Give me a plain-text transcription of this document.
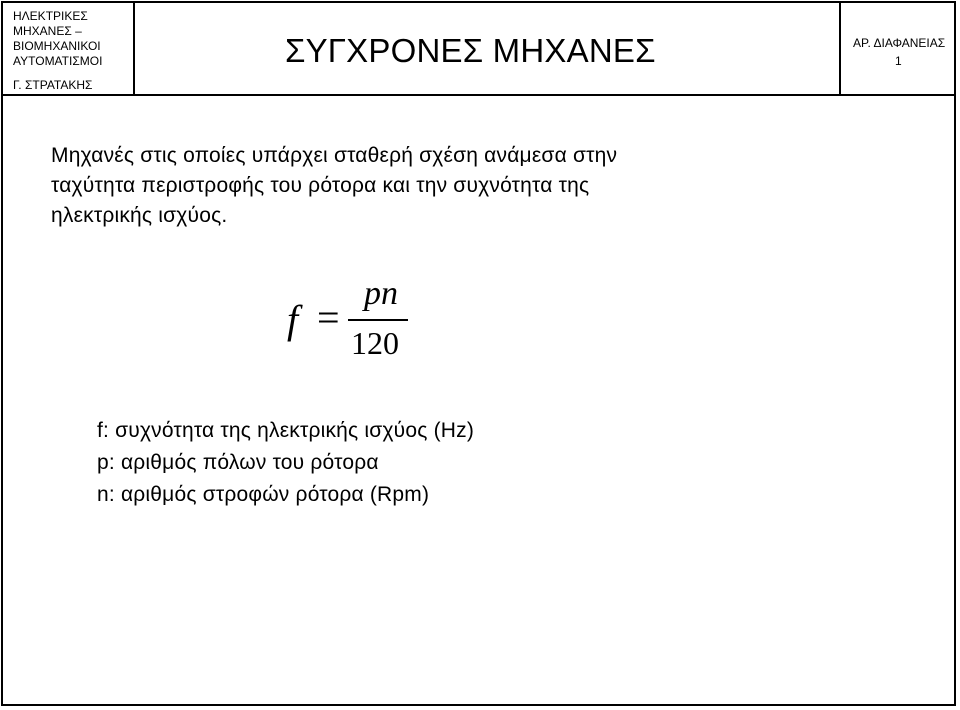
ΗΛΕΚΤΡΙΚΕΣ
ΜΗΧΑΝΕΣ –
ΒΙΟΜΗΧΑΝΙΚΟΙ
ΑΥΤΟΜΑΤΙΣΜΟΙ
Γ. ΣΤΡΑΤΑΚΗΣ
ΣΥΓΧΡΟΝΕΣ ΜΗΧΑΝΕΣ	ΑΡ. ΔΙΑΦΑΝΕΙΑΣ
1
Μηχανές στις οποίες υπάρχει σταθερή σχέση ανάμεσα στην
ταχύτητα περιστροφής του ρότορα και την συχνότητα της
ηλεκτρικής ισχύος.
f =
pn
120
f: συχνότητα της ηλεκτρικής ισχύος (Hz)
p: αριθμός πόλων του ρότορα
n: αριθμός στροφών ρότορα (Rpm)
